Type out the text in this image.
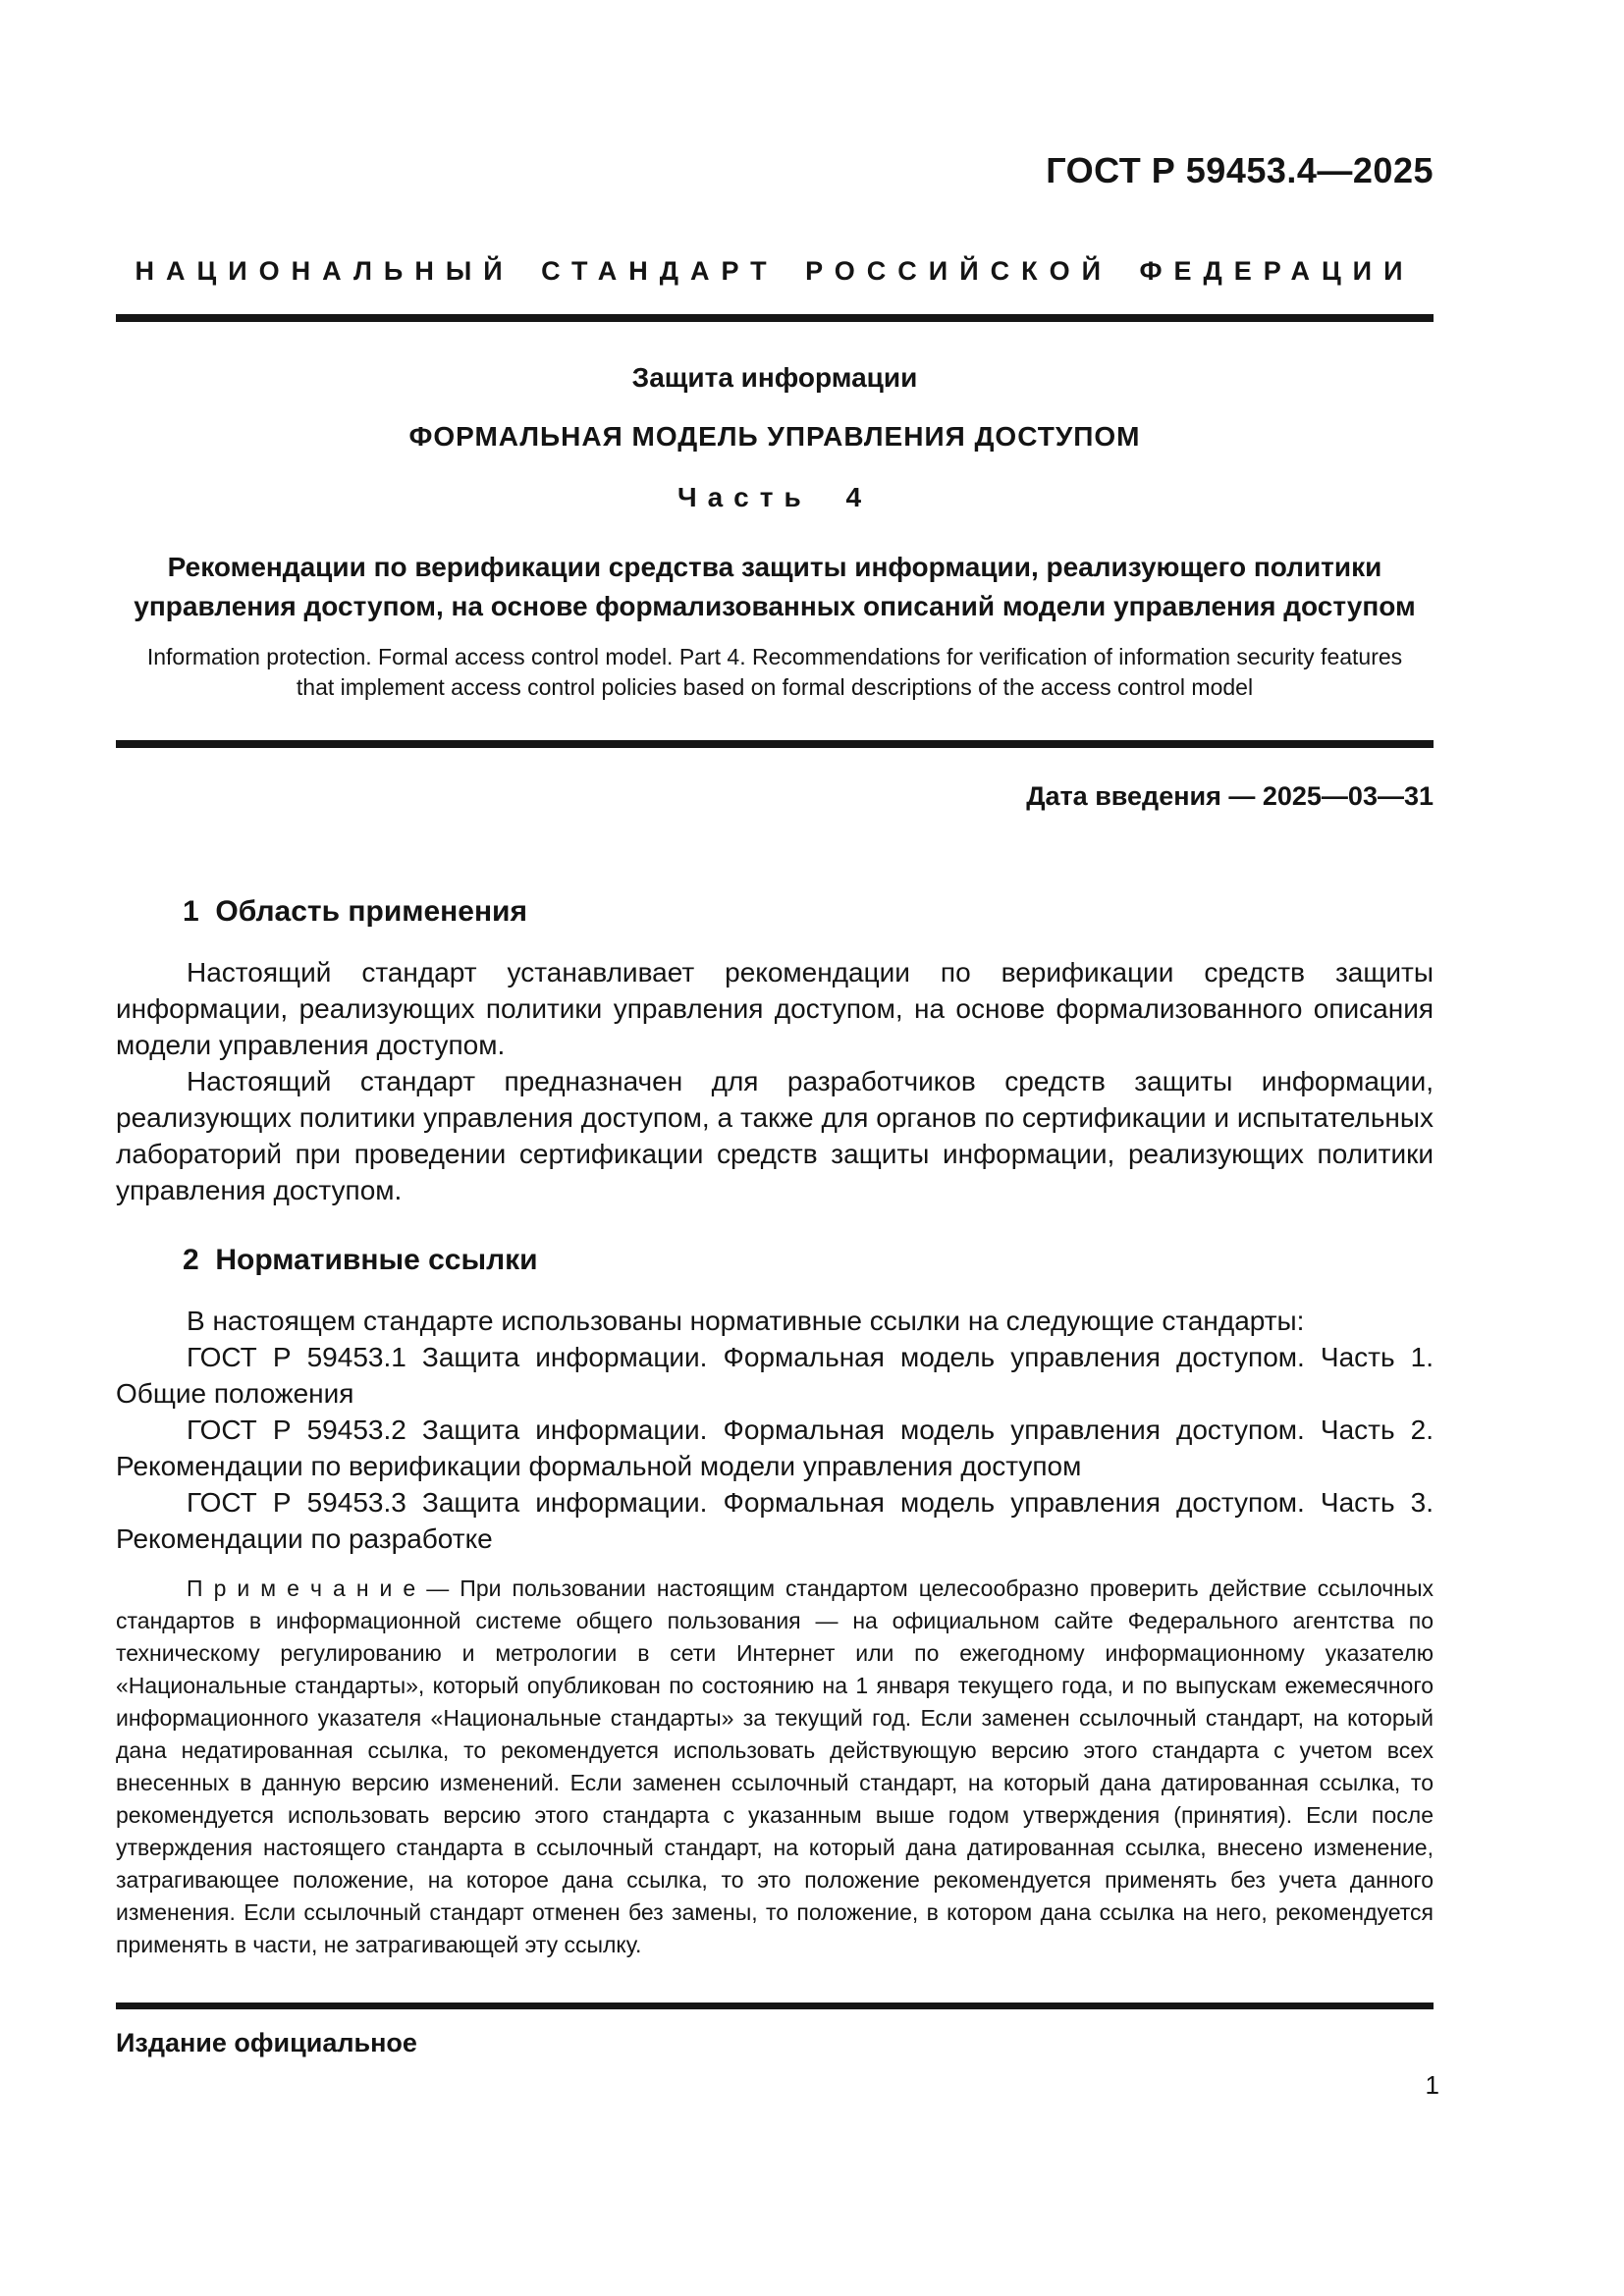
ГОСТ Р 59453.4—2025
НАЦИОНАЛЬНЫЙ СТАНДАРТ РОССИЙСКОЙ ФЕДЕРАЦИИ
Защита информации
ФОРМАЛЬНАЯ МОДЕЛЬ УПРАВЛЕНИЯ ДОСТУПОМ
Часть 4
Рекомендации по верификации средства защиты информации, реализующего политики управления доступом, на основе формализованных описаний модели управления доступом
Information protection. Formal access control model. Part 4. Recommendations for verification of information security features that implement access control policies based on formal descriptions of the access control model
Дата введения — 2025—03—31
1  Область применения

Настоящий стандарт устанавливает рекомендации по верификации средств защиты информации, реализующих политики управления доступом, на основе формализованного описания модели управления доступом.

Настоящий стандарт предназначен для разработчиков средств защиты информации, реализующих политики управления доступом, а также для органов по сертификации и испытательных лабораторий при проведении сертификации средств защиты информации, реализующих политики управления доступом.

2  Нормативные ссылки

В настоящем стандарте использованы нормативные ссылки на следующие стандарты:

ГОСТ Р 59453.1 Защита информации. Формальная модель управления доступом. Часть 1. Общие положения

ГОСТ Р 59453.2 Защита информации. Формальная модель управления доступом. Часть 2. Рекомендации по верификации формальной модели управления доступом

ГОСТ Р 59453.3 Защита информации. Формальная модель управления доступом. Часть 3. Рекомендации по разработке

П р и м е ч а н и е — При пользовании настоящим стандартом целесообразно проверить действие ссылочных стандартов в информационной системе общего пользования — на официальном сайте Федерального агентства по техническому регулированию и метрологии в сети Интернет или по ежегодному информационному указателю «Национальные стандарты», который опубликован по состоянию на 1 января текущего года, и по выпускам ежемесячного информационного указателя «Национальные стандарты» за текущий год. Если заменен ссылочный стандарт, на который дана недатированная ссылка, то рекомендуется использовать действующую версию этого стандарта с учетом всех внесенных в данную версию изменений. Если заменен ссылочный стандарт, на который дана датированная ссылка, то рекомендуется использовать версию этого стандарта с указанным выше годом утверждения (принятия). Если после утверждения настоящего стандарта в ссылочный стандарт, на который дана датированная ссылка, внесено изменение, затрагивающее положение, на которое дана ссылка, то это положение рекомендуется применять без учета данного изменения. Если ссылочный стандарт отменен без замены, то положение, в котором дана ссылка на него, рекомендуется применять в части, не затрагивающей эту ссылку.

Издание официальное
1
